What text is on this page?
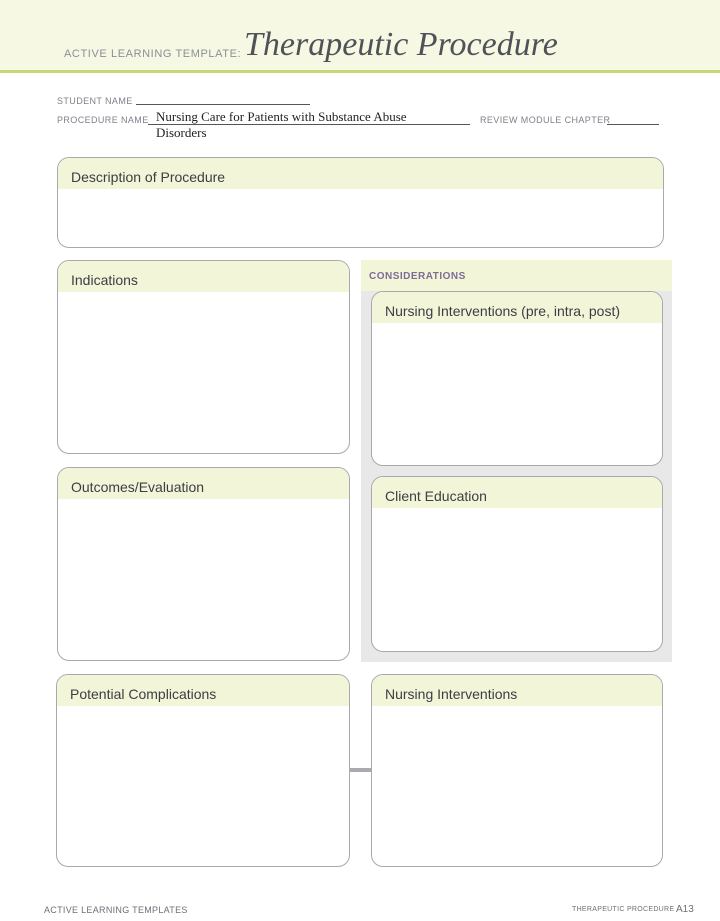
ACTIVE LEARNING TEMPLATE: Therapeutic Procedure
STUDENT NAME
PROCEDURE NAME Nursing Care for Patients with Substance Abuse
Disorders
REVIEW MODULE CHAPTER
Description of Procedure
CONSIDERATIONS
Indications
Nursing Interventions (pre, intra, post)
Outcomes/Evaluation
Client Education
Potential Complications	Nursing Interventions
ACTIVE LEARNING TEMPLATES	THERAPEUTIC PROCEDURE A13
